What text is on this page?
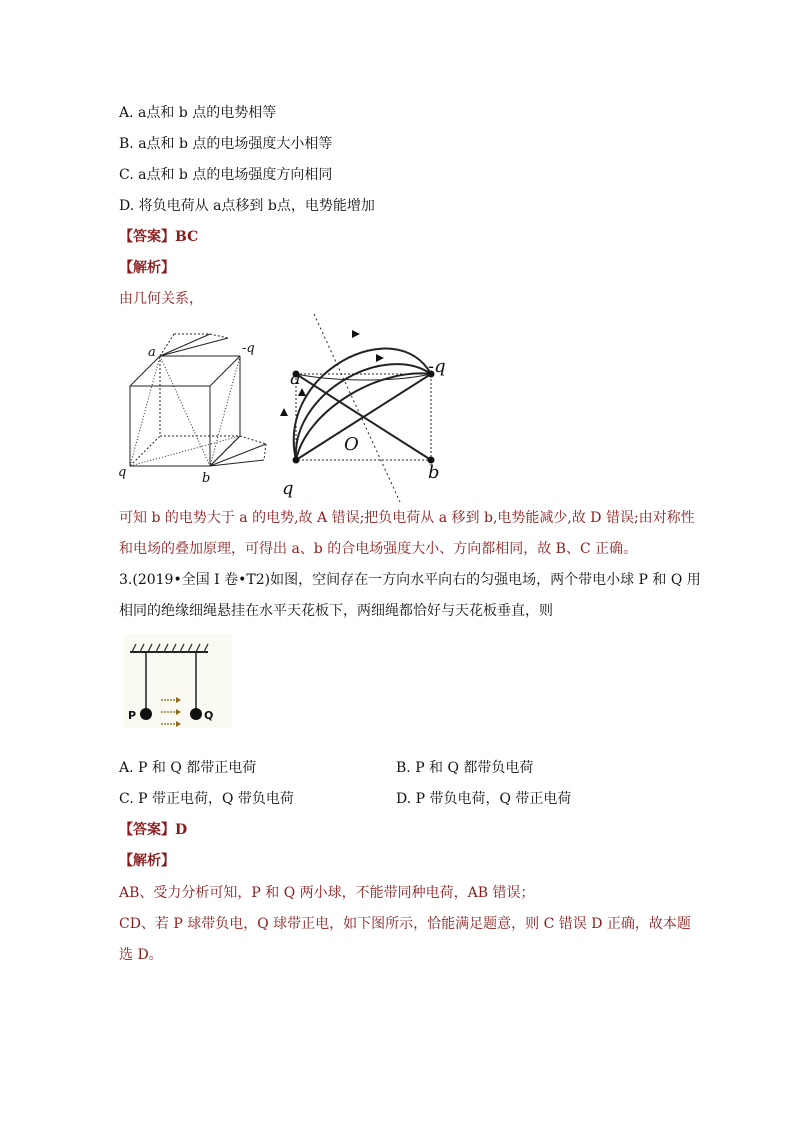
A. a点和 b 点的电势相等
B. a点和 b 点的电场强度大小相等
C. a点和 b 点的电场强度方向相同
D. 将负电荷从 a点移到 b点，电势能增加
【答案】BC
【解析】
由几何关系，
a	-q
q	b
a
-q
O
b
q
可知 b 的电势大于 a 的电势,故 A 错误;把负电荷从 a 移到 b,电势能减少,故 D 错误;由对称性
和电场的叠加原理，可得出 a、b 的合电场强度大小、方向都相同，故 B、C 正确。
3.(2019•全国 I 卷•T2)如图，空间存在一方向水平向右的匀强电场，两个带电小球 P 和 Q 用
相同的绝缘细绳悬挂在水平天花板下，两细绳都恰好与天花板垂直，则
P	Q
A. P 和 Q 都带正电荷	B. P 和 Q 都带负电荷
C. P 带正电荷，Q 带负电荷	D. P 带负电荷，Q 带正电荷
【答案】D
【解析】
AB、受力分析可知，P 和 Q 两小球，不能带同种电荷，AB 错误；
CD、若 P 球带负电，Q 球带正电，如下图所示，恰能满足题意，则 C 错误 D 正确，故本题
选 D。
